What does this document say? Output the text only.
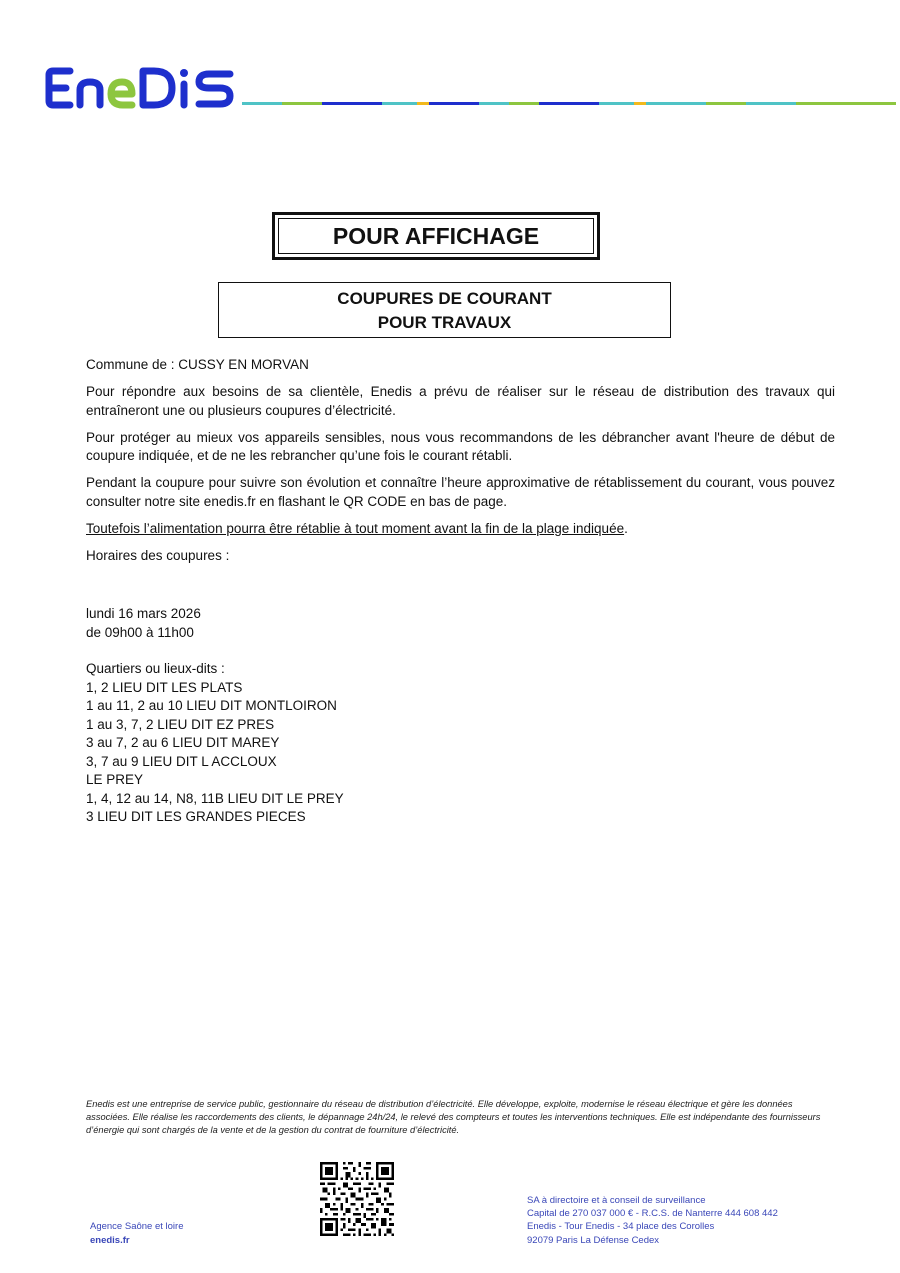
POUR AFFICHAGE
COUPURES DE COURANT
POUR TRAVAUX

Commune de : CUSSY EN MORVAN

Pour répondre aux besoins de sa clientèle, Enedis a prévu de réaliser sur le réseau de distribution des travaux qui entraîneront une ou plusieurs coupures d’électricité.

Pour protéger au mieux vos appareils sensibles, nous vous recommandons de les débrancher avant l'heure de début de coupure indiquée, et de ne les rebrancher qu’une fois le courant rétabli.

Pendant la coupure pour suivre son évolution et connaître l’heure approximative de rétablissement du courant, vous pouvez consulter notre site enedis.fr en flashant le QR CODE en bas de page.

Toutefois l’alimentation pourra être rétablie à tout moment avant la fin de la plage indiquée.

Horaires des coupures :

lundi 16 mars 2026
de 09h00 à 11h00
Quartiers ou lieux-dits :
1, 2 LIEU DIT LES PLATS
1 au 11, 2 au 10 LIEU DIT MONTLOIRON
1 au 3, 7, 2 LIEU DIT EZ PRES
3 au 7, 2 au 6 LIEU DIT MAREY
3, 7 au 9 LIEU DIT L ACCLOUX
LE PREY
1, 4, 12 au 14, N8, 11B LIEU DIT LE PREY
3 LIEU DIT LES GRANDES PIECES
Enedis est une entreprise de service public, gestionnaire du réseau de distribution d’électricité. Elle développe, exploite, modernise le réseau électrique et gère les données associées. Elle réalise les raccordements des clients, le dépannage 24h/24, le relevé des compteurs et toutes les interventions techniques. Elle est indépendante des fournisseurs d’énergie qui sont chargés de la vente et de la gestion du contrat de fourniture d’électricité.
Agence Saône et loire
enedis.fr
SA à directoire et à conseil de surveillance
Capital de 270 037 000 € - R.C.S. de Nanterre 444 608 442
Enedis - Tour Enedis - 34 place des Corolles
92079 Paris La Défense Cedex
